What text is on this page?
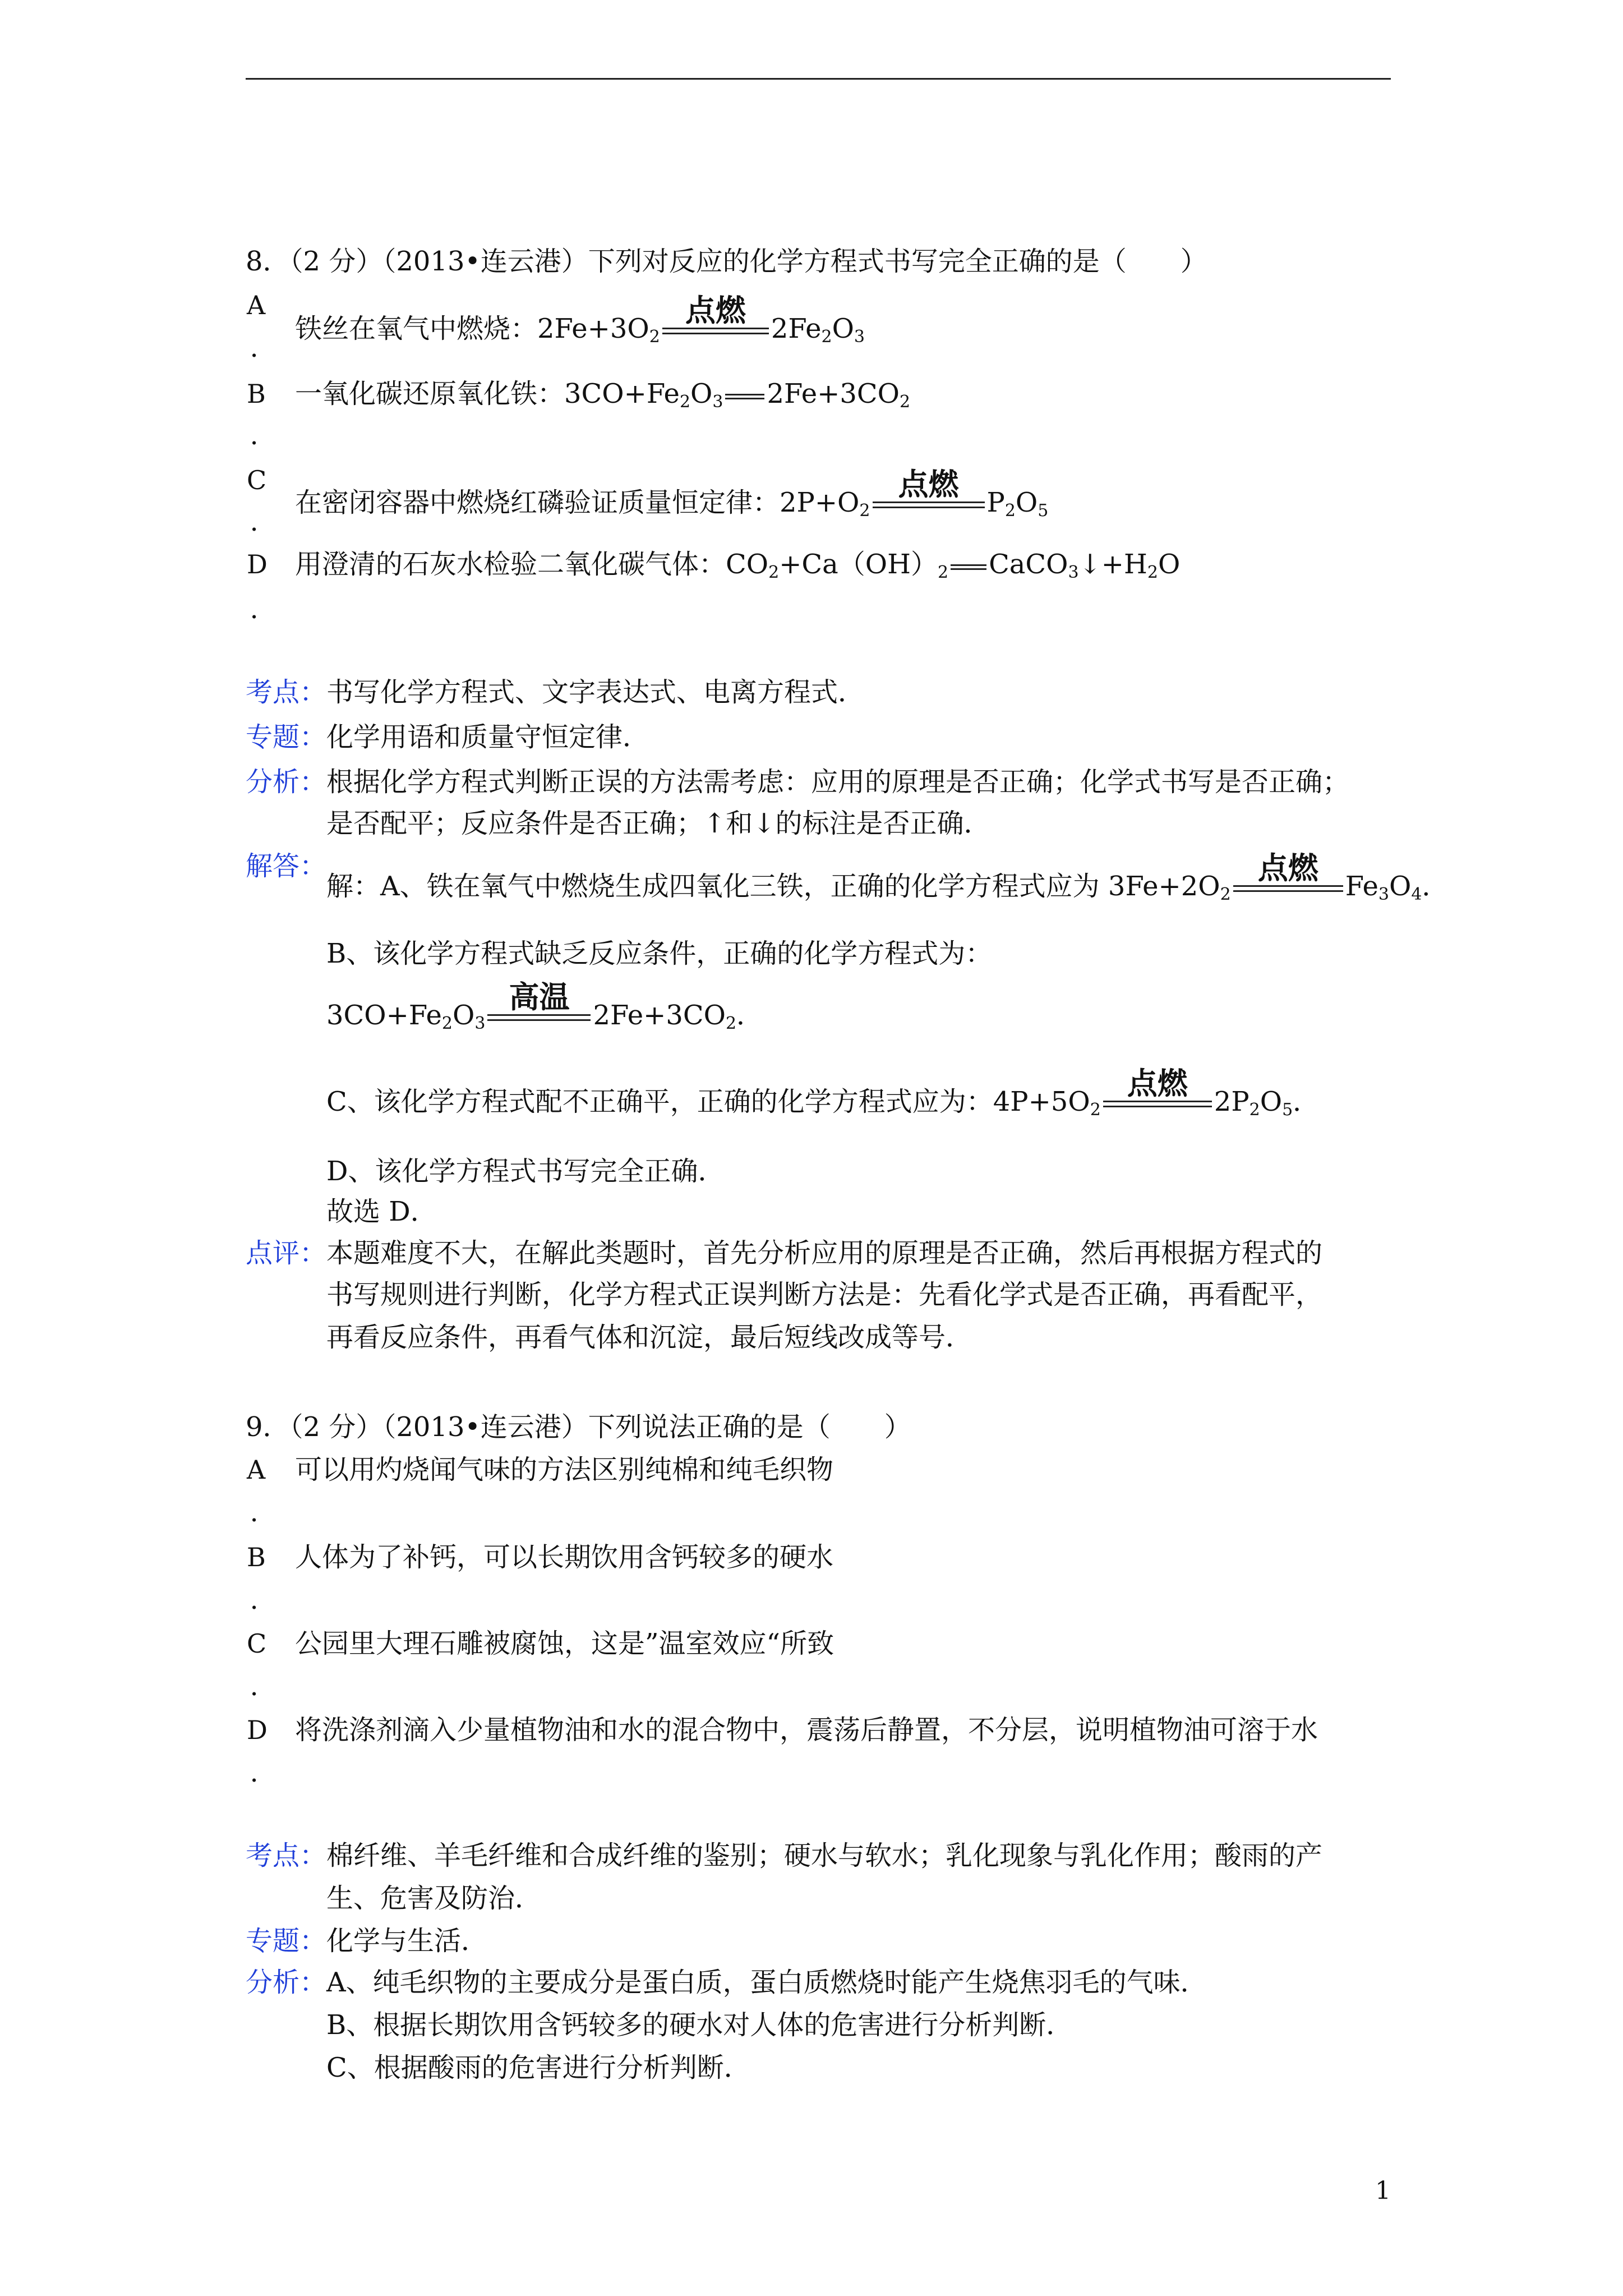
8．（2 分）（2013•连云港）下列对反应的化学方程式书写完全正确的是（　　）
A
．
铁丝在氧气中燃烧：$2Fe+3O_2$
点燃
$2Fe_2O_3$
B
．
一氧化碳还原氧化铁：$3CO+Fe_2O_3$ $2Fe+3CO_2$
C
．
在密闭容器中燃烧红磷验证质量恒定律：$2P+O_2$
点燃
$P_2O_5$
D
．
用澄清的石灰水检验二氧化碳气体：$CO_2+Ca(OH)_2$ $CaCO_3↓+H_2O$
考点： 书写化学方程式、文字表达式、电离方程式．
专题： 化学用语和质量守恒定律．
分析： 根据化学方程式判断正误的方法需考虑：应用的原理是否正确；化学式书写是否正确；
是否配平；反应条件是否正确；↑和↓的标注是否正确．
解答：
解：A、铁在氧气中燃烧生成四氧化三铁，正确的化学方程式应为 $3Fe+2O_2$
点燃
$Fe_3O_4$．
B、该化学方程式缺乏反应条件，正确的化学方程式为：
$3CO+Fe_2O_3$
高温
$2Fe+3CO_2$．
C、该化学方程式配不正确平，正确的化学方程式应为：$4P+5O_2$
点燃
$2P_2O_5$．
D、该化学方程式书写完全正确．
故选 D．
点评： 本题难度不大，在解此类题时，首先分析应用的原理是否正确，然后再根据方程式的
书写规则进行判断，化学方程式正误判断方法是：先看化学式是否正确，再看配平，
再看反应条件，再看气体和沉淀，最后短线改成等号．
9．（2 分）（2013•连云港）下列说法正确的是（　　）
A
．
可以用灼烧闻气味的方法区别纯棉和纯毛织物
B
．
人体为了补钙，可以长期饮用含钙较多的硬水
C
．
公园里大理石雕被腐蚀，这是”温室效应“所致
D
．
将洗涤剂滴入少量植物油和水的混合物中，震荡后静置，不分层，说明植物油可溶于水
考点： 棉纤维、羊毛纤维和合成纤维的鉴别；硬水与软水；乳化现象与乳化作用；酸雨的产
生、危害及防治．
专题： 化学与生活．
分析： A、纯毛织物的主要成分是蛋白质，蛋白质燃烧时能产生烧焦羽毛的气味．
B、根据长期饮用含钙较多的硬水对人体的危害进行分析判断．
C、根据酸雨的危害进行分析判断．
1
